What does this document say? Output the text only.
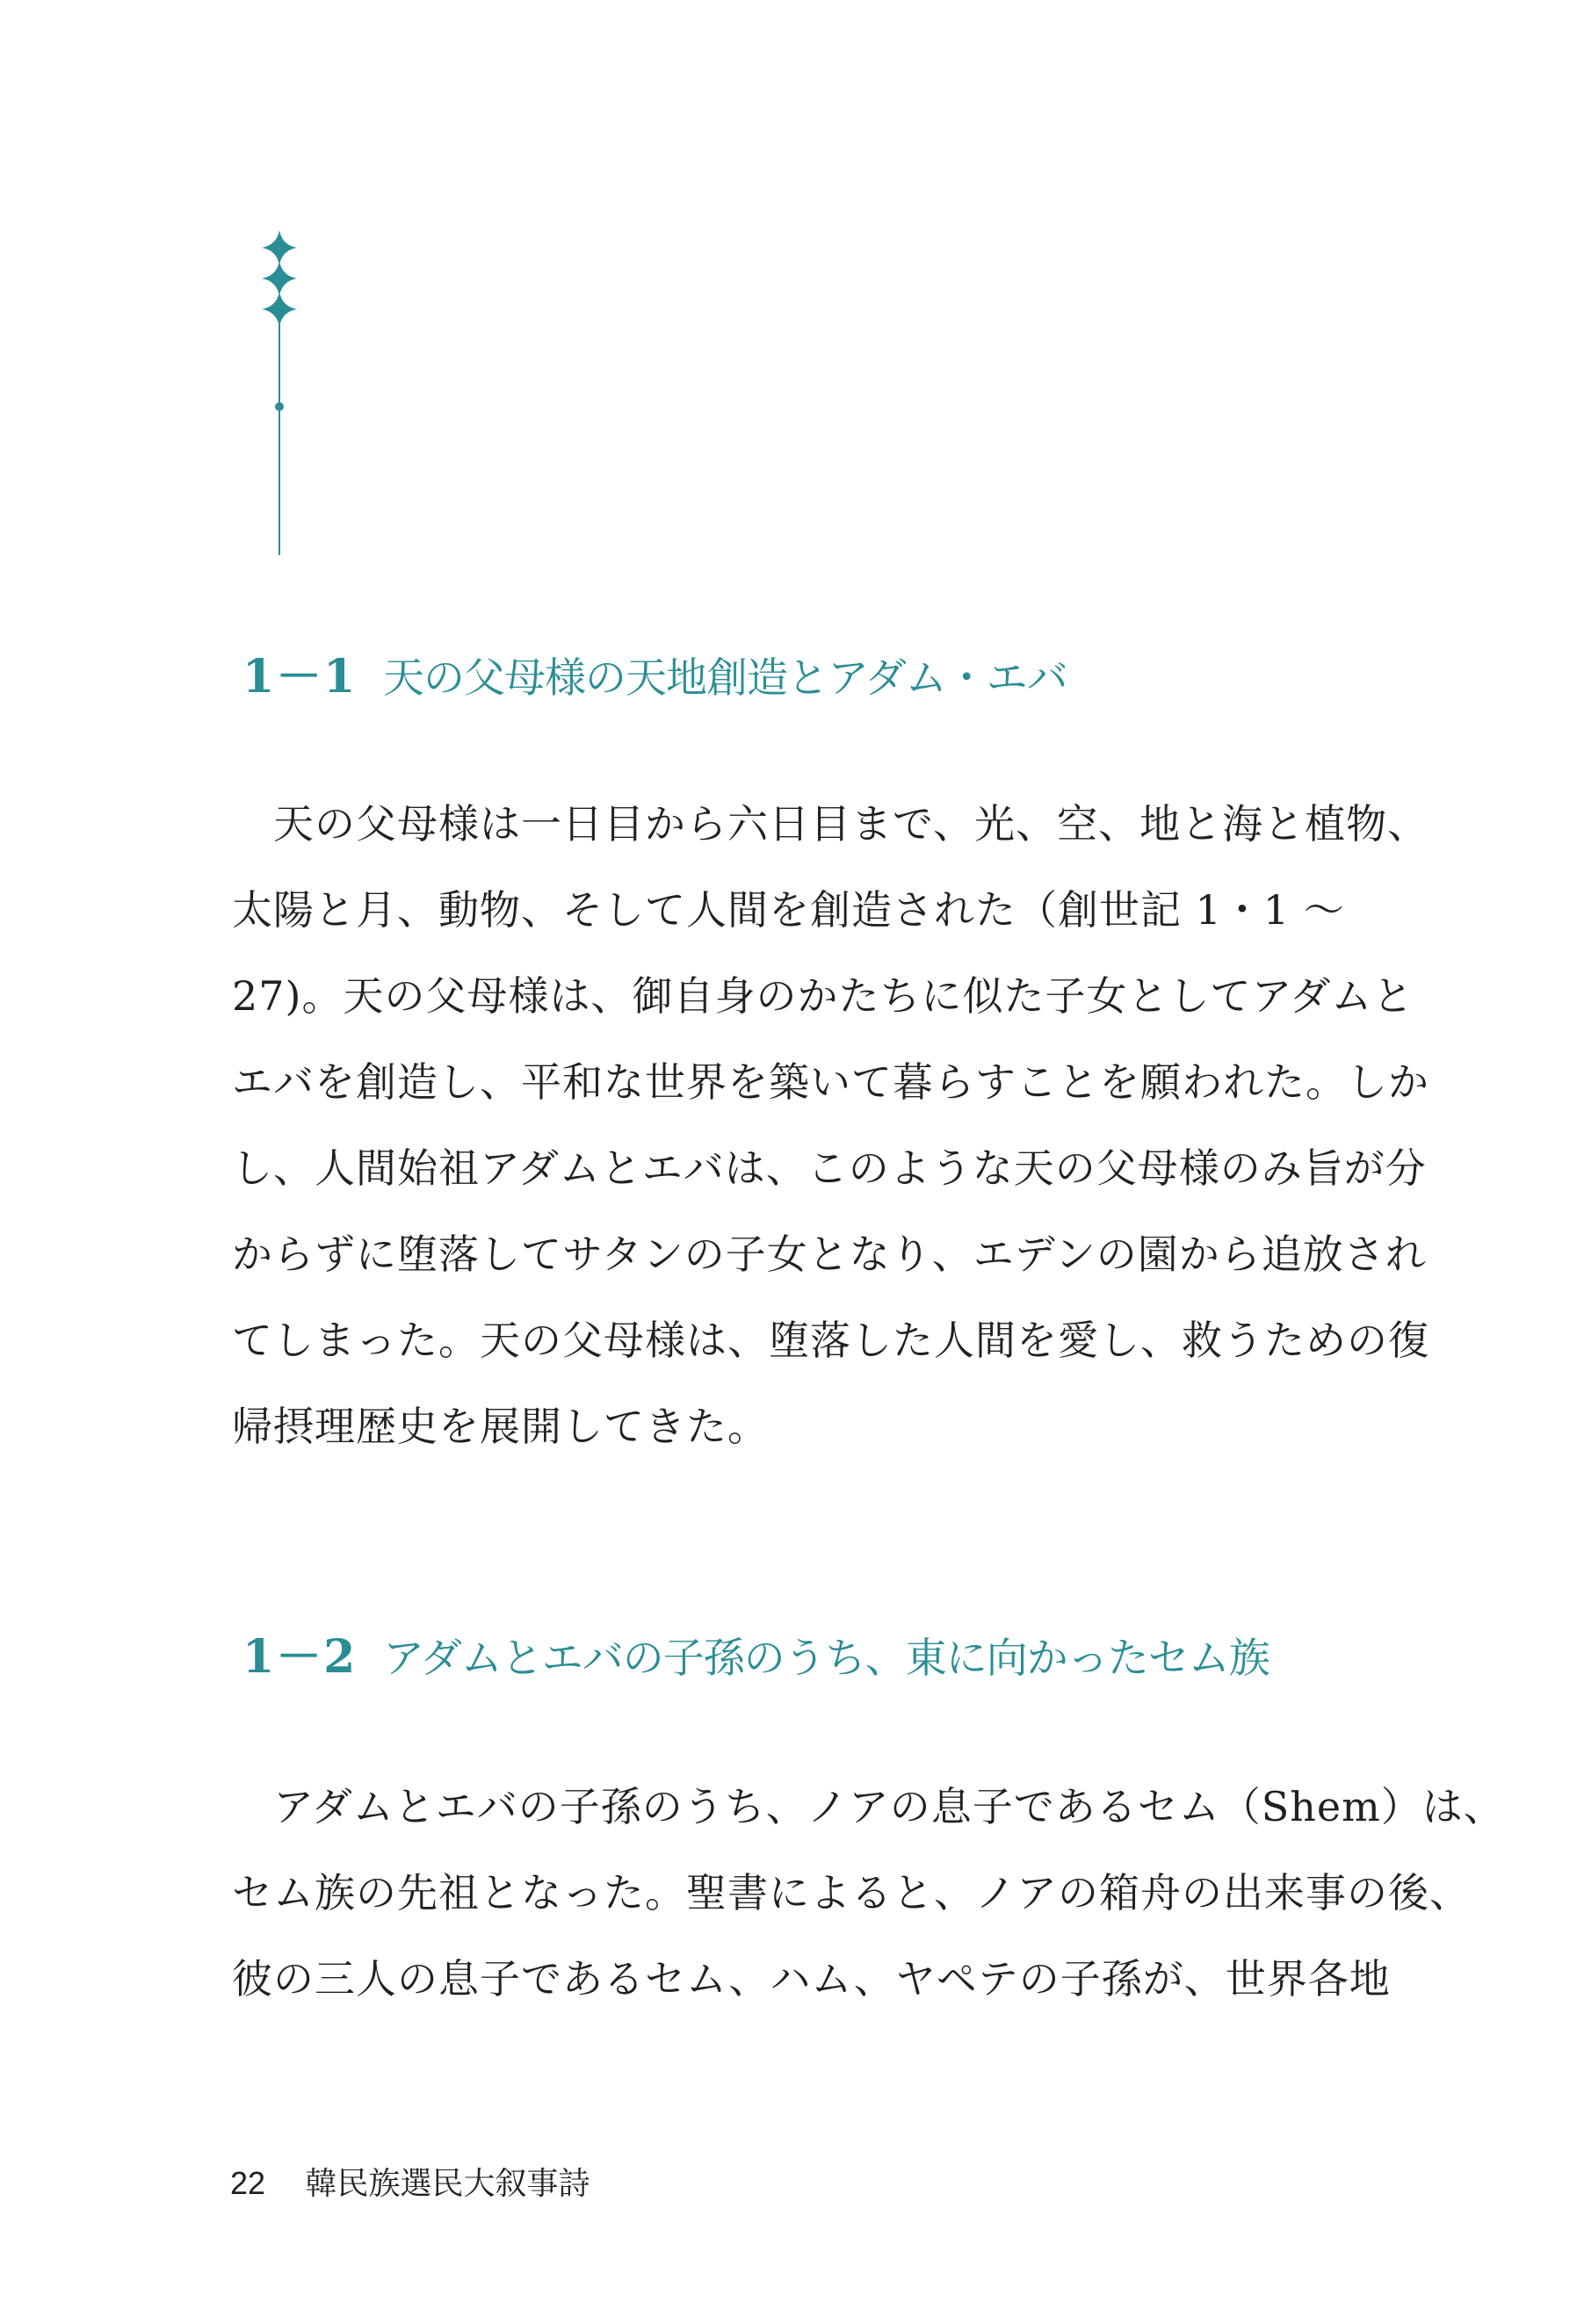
1－1 天の父母様の天地創造とアダム・エバ
　天の父母様は一日目から六日目まで、光、空、地と海と植物、
太陽と月、動物、そして人間を創造された（創世記 1・1 〜
27)。天の父母様は、御自身のかたちに似た子女としてアダムと
エバを創造し、平和な世界を築いて暮らすことを願われた。しか
し、人間始祖アダムとエバは、このような天の父母様のみ旨が分
からずに堕落してサタンの子女となり、エデンの園から追放され
てしまった。天の父母様は、堕落した人間を愛し、救うための復
帰摂理歴史を展開してきた。
1－2 アダムとエバの子孫のうち、東に向かったセム族
　アダムとエバの子孫のうち、ノアの息子であるセム（Shem）は、
セム族の先祖となった。聖書によると、ノアの箱舟の出来事の後、
彼の三人の息子であるセム、ハム、ヤペテの子孫が、世界各地
22 韓民族選民大叙事詩
